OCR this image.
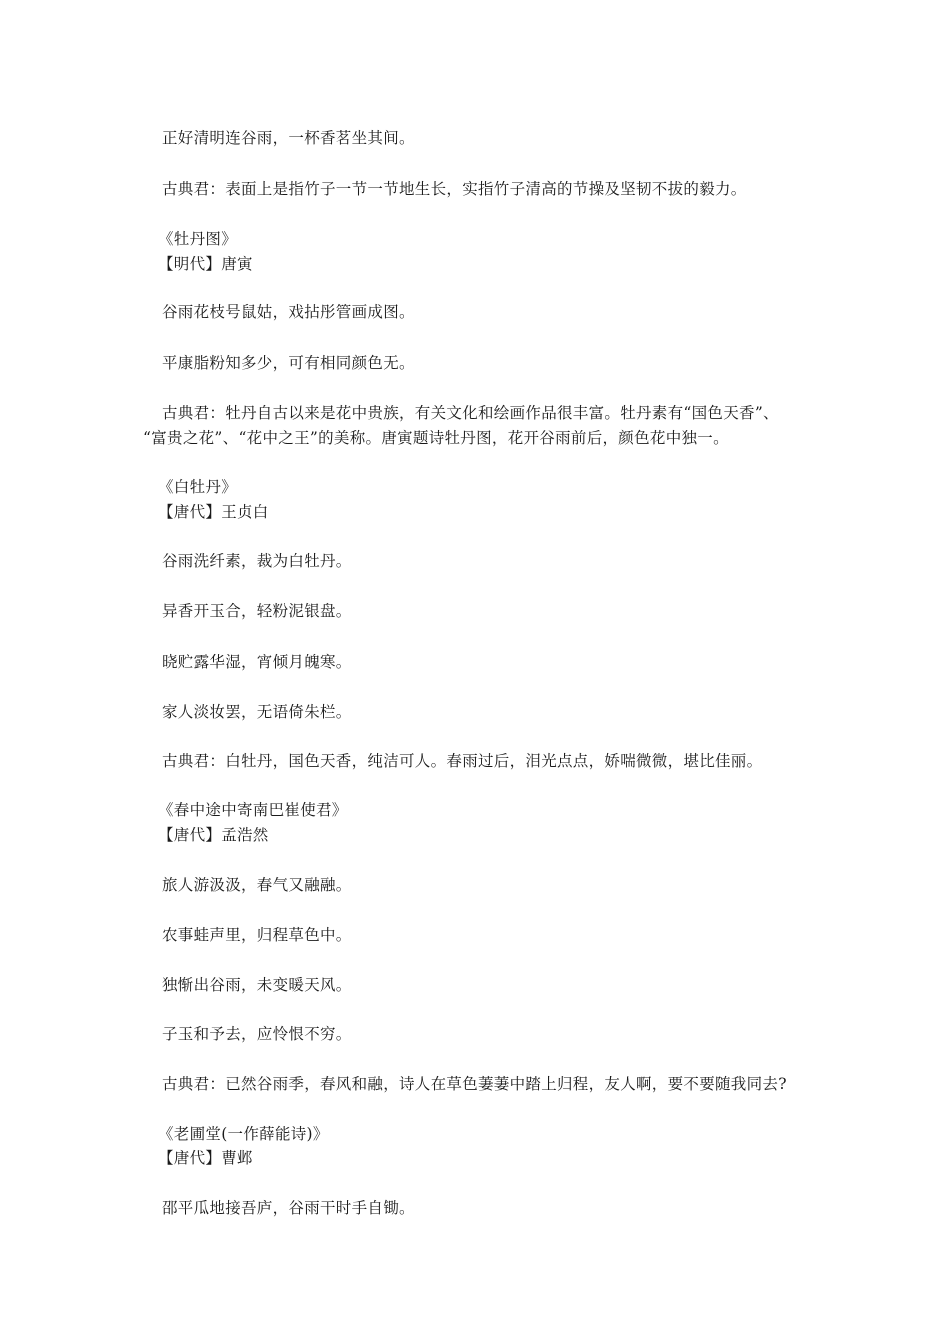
正好清明连谷雨，一杯香茗坐其间。
古典君：表面上是指竹子一节一节地生长，实指竹子清高的节操及坚韧不拔的毅力。
《牡丹图》
【明代】唐寅
谷雨花枝号鼠姑，戏拈彤管画成图。
平康脂粉知多少，可有相同颜色无。
古典君：牡丹自古以来是花中贵族，有关文化和绘画作品很丰富。牡丹素有“国色天香”、
“富贵之花”、“花中之王”的美称。唐寅题诗牡丹图，花开谷雨前后，颜色花中独一。
《白牡丹》
【唐代】王贞白
谷雨洗纤素，裁为白牡丹。
异香开玉合，轻粉泥银盘。
晓贮露华湿，宵倾月魄寒。
家人淡妆罢，无语倚朱栏。
古典君：白牡丹，国色天香，纯洁可人。春雨过后，泪光点点，娇喘微微，堪比佳丽。
《春中途中寄南巴崔使君》
【唐代】孟浩然
旅人游汲汲，春气又融融。
农事蛙声里，归程草色中。
独惭出谷雨，未变暖天风。
子玉和予去，应怜恨不穷。
古典君：已然谷雨季，春风和融，诗人在草色萋萋中踏上归程，友人啊，要不要随我同去?
《老圃堂(一作薛能诗)》
【唐代】曹邺
邵平瓜地接吾庐，谷雨干时手自锄。
